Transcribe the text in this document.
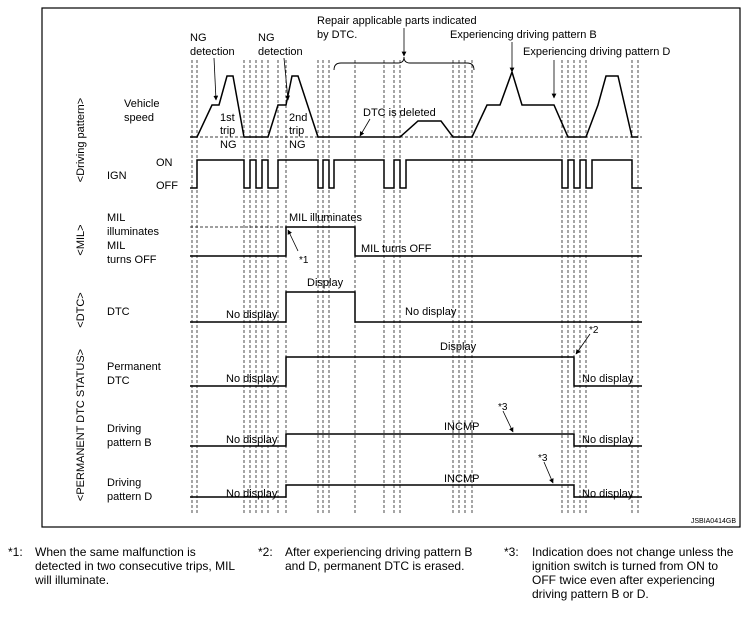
<Driving pattern>
<MIL>
<DTC>
<PERMANENT DTC STATUS>
Vehicle
speed
IGN
ON
OFF
MIL
illuminates
MIL
turns OFF
DTC
Permanent
DTC
Driving
pattern B
Driving
pattern D
NG
detection
NG
detection
Repair applicable parts indicated
by DTC.	Experiencing driving pattern B
Experiencing driving pattern D
1st
trip
NG
2nd
trip
NG
DTC is deleted
MIL illuminates
MIL turns OFF
*1
No display
Display
No display
No display
Display
No display
*2
No display
INCMP
No display
*3
No display
INCMP
No display
*3
JSBIA0414GB
*1: When the same malfunction is detected in two consecutive trips, MIL will illuminate.
*2: After experiencing driving pattern B and D, permanent DTC is erased.
*3: Indication does not change unless the ignition switch is turned from ON to OFF twice even after experiencing driving pattern B or D.
